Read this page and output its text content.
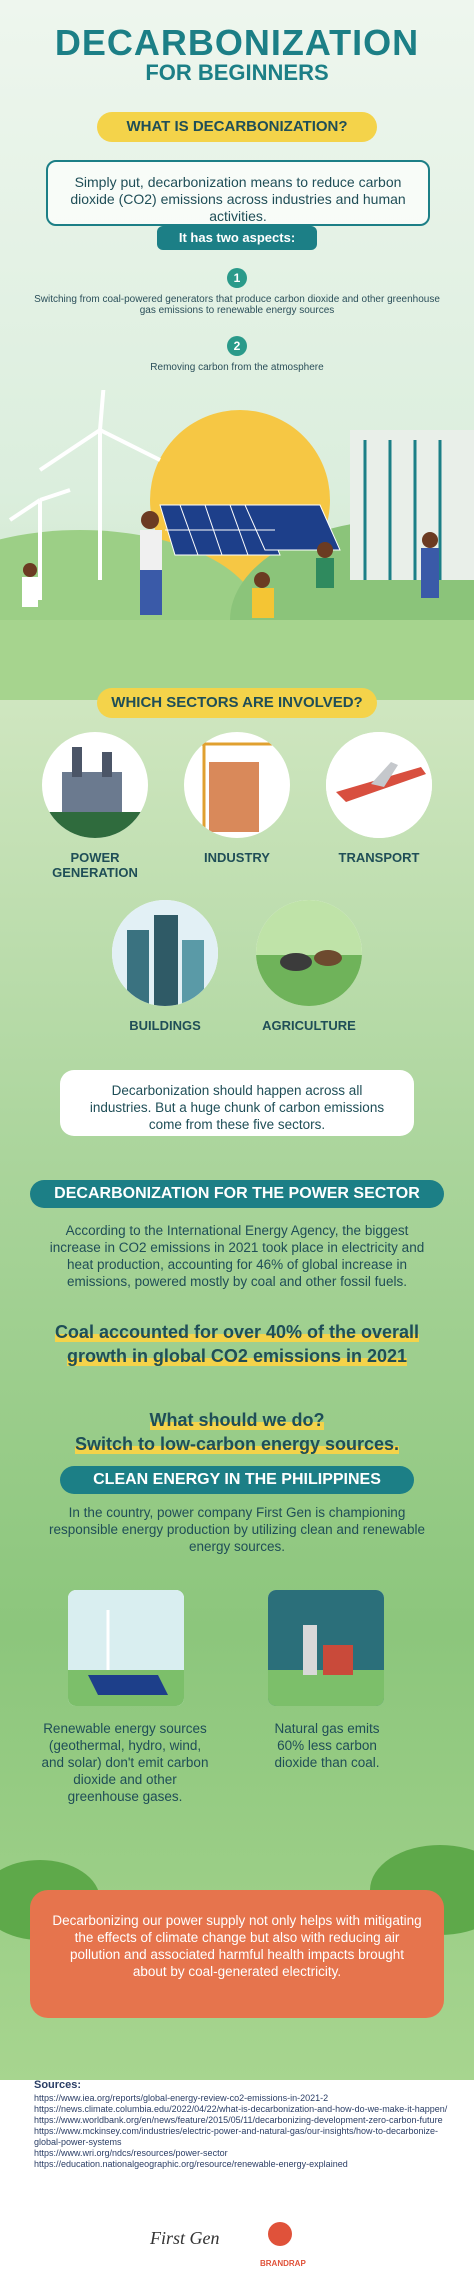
DECARBONIZATION
FOR BEGINNERS
WHAT IS DECARBONIZATION?
Simply put, decarbonization means to reduce carbon dioxide (CO2) emissions across industries and human activities.
It has two aspects:
1
Switching from coal-powered generators that produce carbon dioxide and other greenhouse gas emissions to renewable energy sources
2
Removing carbon from the atmosphere
WHICH SECTORS ARE INVOLVED?
POWER GENERATION
INDUSTRY	TRANSPORT
BUILDINGS	AGRICULTURE
Decarbonization should happen across all industries. But a huge chunk of carbon emissions come from these five sectors.
DECARBONIZATION FOR THE POWER SECTOR
According to the International Energy Agency, the biggest increase in CO2 emissions in 2021 took place in electricity and heat production, accounting for 46% of global increase in emissions, powered mostly by coal and other fossil fuels.
Coal accounted for over 40% of the overall growth in global CO2 emissions in 2021
What should we do?
Switch to low-carbon energy sources.
CLEAN ENERGY IN THE PHILIPPINES
In the country, power company First Gen is championing responsible energy production by utilizing clean and renewable energy sources.
Renewable energy sources (geothermal, hydro, wind, and solar) don't emit carbon dioxide and other greenhouse gases.
Natural gas emits 60% less carbon dioxide than coal.
Decarbonizing our power supply not only helps with mitigating the effects of climate change but also with reducing air pollution and associated harmful health impacts brought about by coal-generated electricity.
Sources:
https://www.iea.org/reports/global-energy-review-co2-emissions-in-2021-2
https://news.climate.columbia.edu/2022/04/22/what-is-decarbonization-and-how-do-we-make-it-happen/
https://www.worldbank.org/en/news/feature/2015/05/11/decarbonizing-development-zero-carbon-future
https://www.mckinsey.com/industries/electric-power-and-natural-gas/our-insights/how-to-decarbonize-global-power-systems
https://www.wri.org/ndcs/resources/power-sector
https://education.nationalgeographic.org/resource/renewable-energy-explained
First Gen
BRANDRAP
